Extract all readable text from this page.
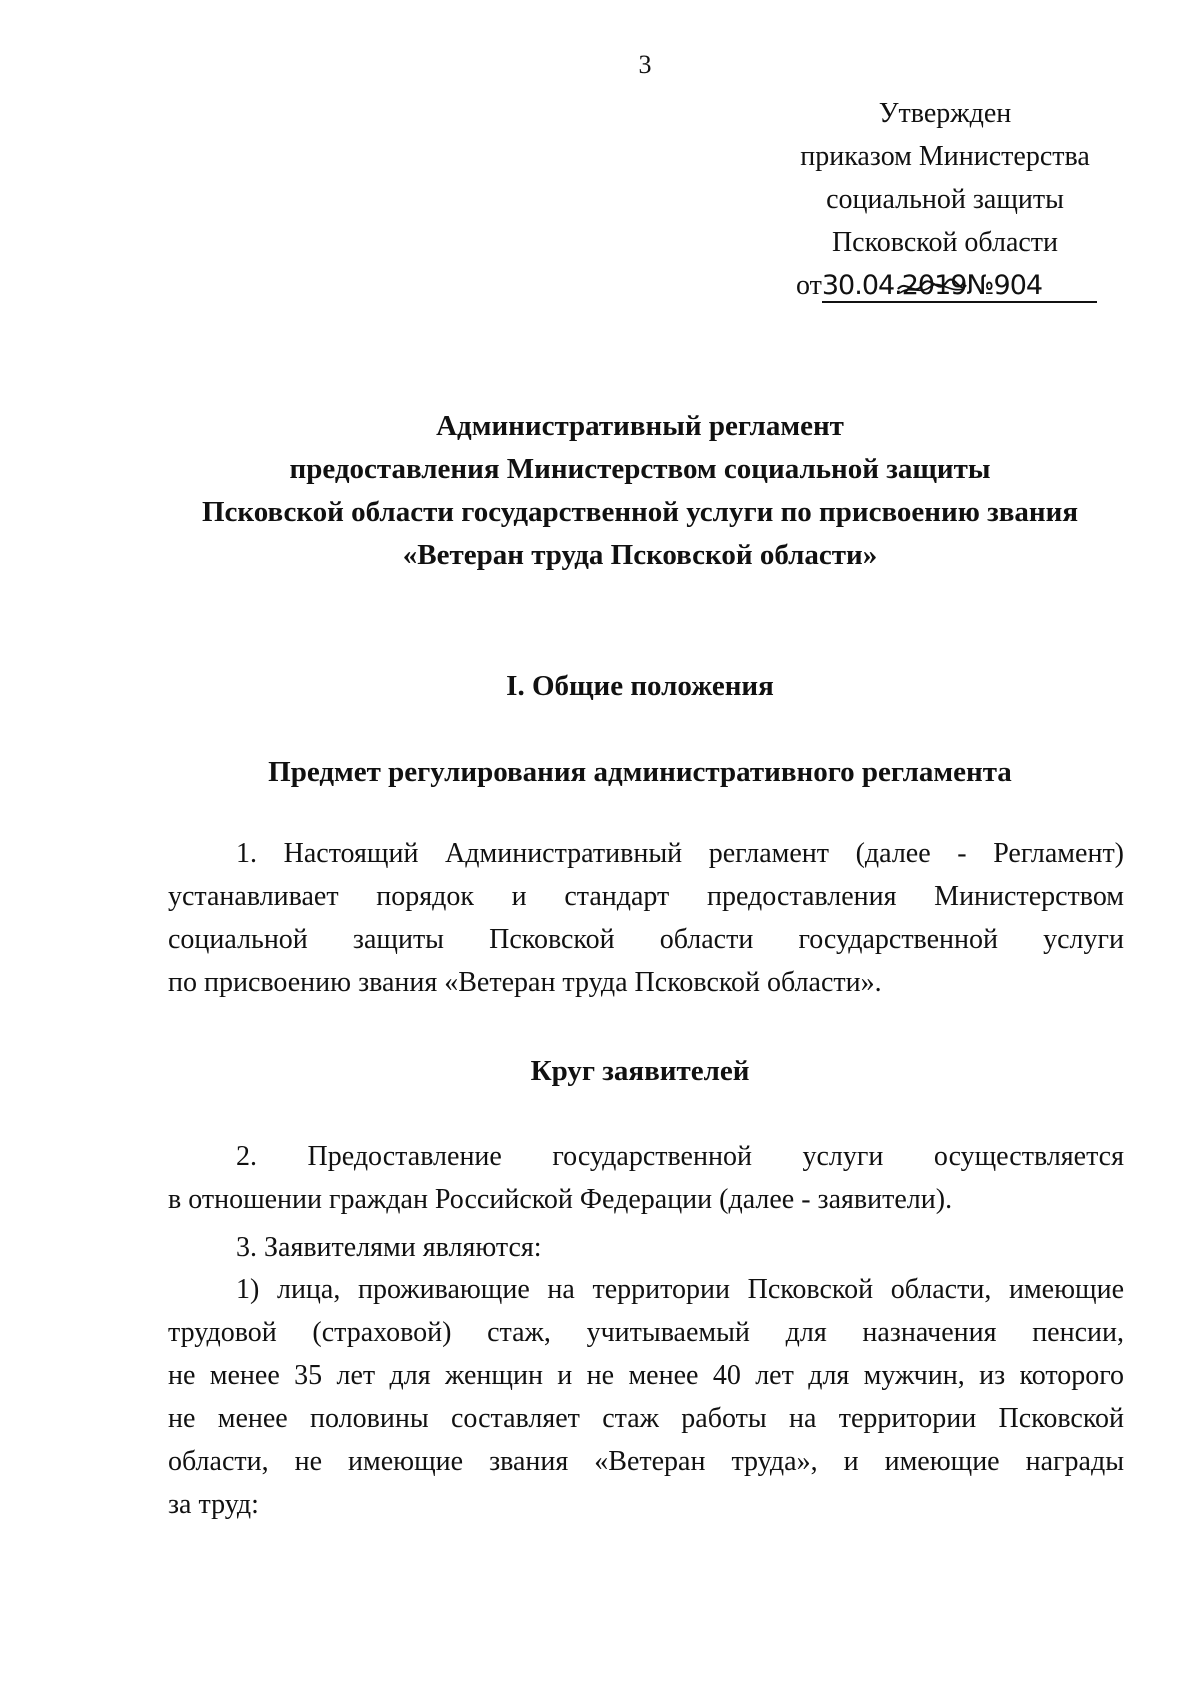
3
Утвержден
приказом Министерства
социальной защиты
Псковской области
от30.04.2019№904
Административный регламент
предоставления Министерством социальной защиты
Псковской области государственной услуги по присвоению звания
«Ветеран труда Псковской области»
I. Общие положения
Предмет регулирования административного регламента
1. Настоящий Административный регламент (далее - Регламент)
устанавливает порядок и стандарт предоставления Министерством
социальной защиты Псковской области государственной услуги
по присвоению звания «Ветеран труда Псковской области».
Круг заявителей
2. Предоставление государственной услуги осуществляется
в отношении граждан Российской Федерации (далее - заявители).
3. Заявителями являются:
1) лица, проживающие на территории Псковской области, имеющие
трудовой (страховой) стаж, учитываемый для назначения пенсии,
не менее 35 лет для женщин и не менее 40 лет для мужчин, из которого
не менее половины составляет стаж работы на территории Псковской
области, не имеющие звания «Ветеран труда», и имеющие награды
за труд:
